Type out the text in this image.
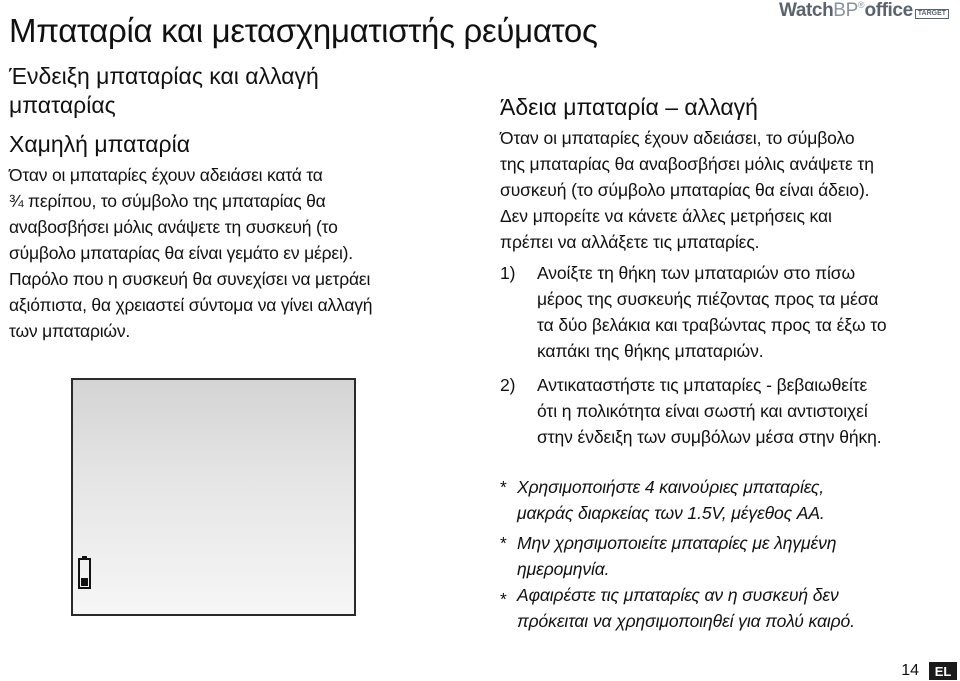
Μπαταρία και μετασχηματιστής ρεύματος
Watch BP ® office TARGET

Ένδειξη μπαταρίας και αλλαγή

μπαταρίας

Χαμηλή μπαταρία

Όταν οι μπαταρίες έχουν αδειάσει κατά τα

¾ περίπου, το σύμβολο της μπαταρίας θα

αναβοσβήσει μόλις ανάψετε τη συσκευή (το

σύμβολο μπαταρίας θα είναι γεμάτο εν μέρει).

Παρόλο που η συσκευή θα συνεχίσει να μετράει

αξιόπιστα, θα χρειαστεί σύντομα να γίνει αλλαγή

των μπαταριών.

Άδεια μπαταρία – αλλαγή

Όταν οι μπαταρίες έχουν αδειάσει, το σύμβολο

της μπαταρίας θα αναβοσβήσει μόλις ανάψετε τη

συσκευή (το σύμβολο μπαταρίας θα είναι άδειο).

Δεν μπορείτε να κάνετε άλλες μετρήσεις και

πρέπει να αλλάξετε τις μπαταρίες.

1)	Ανοίξτε τη θήκη των μπαταριών στο πίσω
μέρος της συσκευής πιέζοντας προς τα μέσα
τα δύο βελάκια και τραβώντας προς τα έξω το
καπάκι της θήκης μπαταριών.
2)	Αντικαταστήστε τις μπαταρίες - βεβαιωθείτε
ότι η πολικότητα είναι σωστή και αντιστοιχεί
στην ένδειξη των συμβόλων μέσα στην θήκη.
* Χρησιμοποιήστε 4 καινούριες μπαταρίες,
μακράς διαρκείας των 1.5V, μέγεθος AA.
* Μην χρησιμοποιείτε μπαταρίες με ληγμένη
ημερομηνία.
* Αφαιρέστε τις μπαταρίες αν η συσκευή δεν
πρόκειται να χρησιμοποιηθεί για πολύ καιρό.
14	EL
